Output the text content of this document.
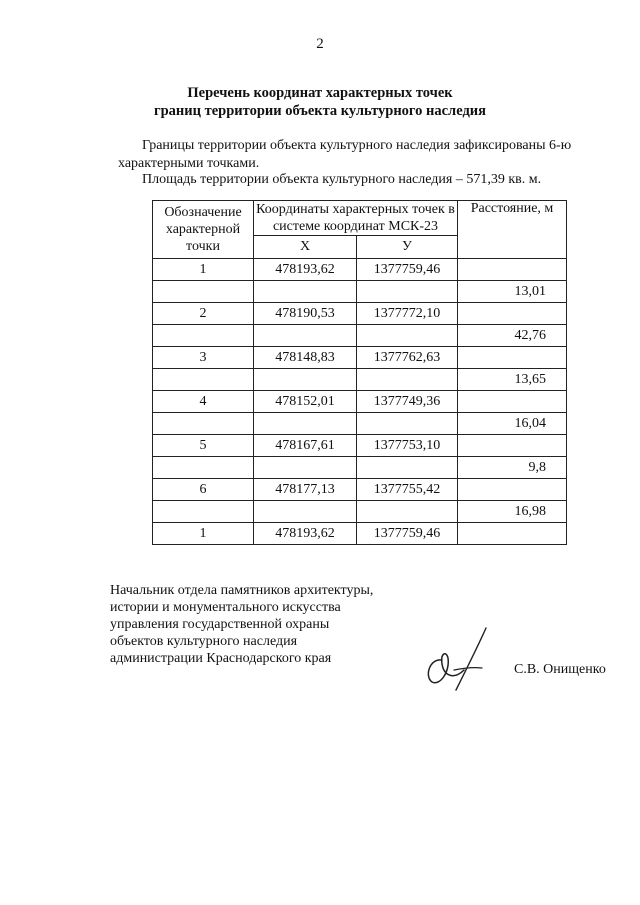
2
Перечень координат характерных точек
границ территории объекта культурного наследия
Границы территории объекта культурного наследия зафиксированы 6-ю
характерными точками.
Площадь территории объекта культурного наследия – 571,39 кв. м.
Обозначение характерной точки	Координаты характерных точек в системе координат МСК-23		Расстояние, м
	Х	У	
1	478193,62	1377759,46	
			13,01
2	478190,53	1377772,10	
			42,76
3	478148,83	1377762,63	
			13,65
4	478152,01	1377749,36	
			16,04
5	478167,61	1377753,10	
			9,8
6	478177,13	1377755,42	
			16,98
1	478193,62	1377759,46	
Начальник отдела памятников архитектуры,
истории и монументального искусства
управления государственной охраны
объектов культурного наследия
администрации Краснодарского края
С.В. Онищенко
